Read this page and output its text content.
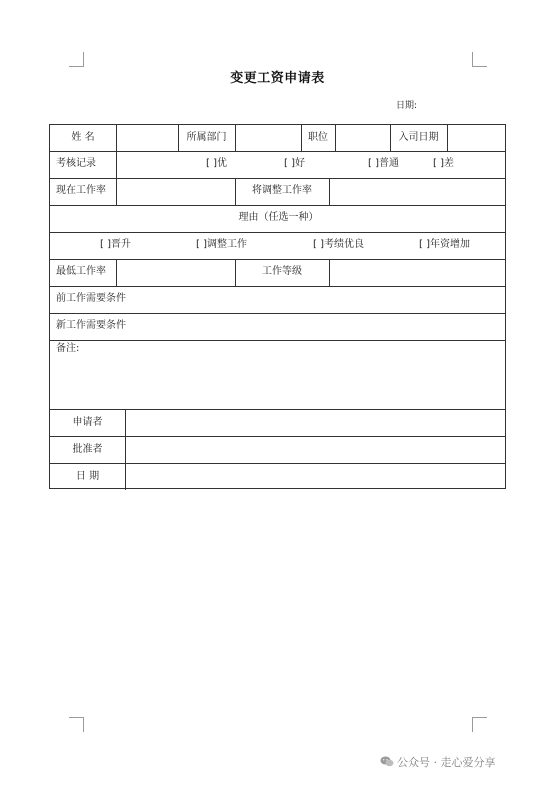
变更工资申请表
日期:
姓 名	所属部门	职位	入司日期
考核记录	[ ]优	[ ]好	[ ]普通	[ ]差
现在工作率	将调整工作率
理由（任选一种）
[ ]晋升	[ ]调整工作	[ ]考绩优良	[ ]年资增加
最低工作率	工作等级
前工作需要条件
新工作需要条件
备注:
申请者
批准者
日 期
公众号 · 走心爱分享
